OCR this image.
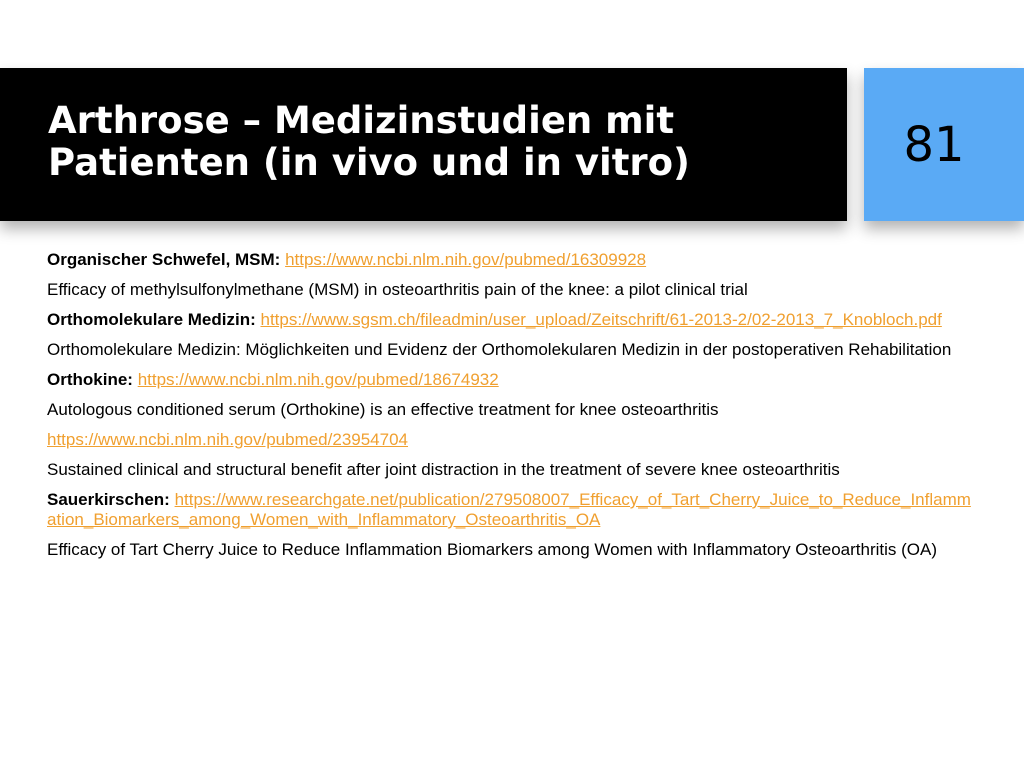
Arthrose – Medizinstudien mit
Patienten (in vivo und in vitro)	81

Organischer Schwefel, MSM: https://www.ncbi.nlm.nih.gov/pubmed/16309928

Efficacy of methylsulfonylmethane (MSM) in osteoarthritis pain of the knee: a pilot clinical trial

Orthomolekulare Medizin: https://www.sgsm.ch/fileadmin/user_upload/Zeitschrift/61-2013-2/02-2013_7_Knobloch.pdf

Orthomolekulare Medizin: Möglichkeiten und Evidenz der Orthomolekularen Medizin in der postoperativen Rehabilitation

Orthokine: https://www.ncbi.nlm.nih.gov/pubmed/18674932

Autologous conditioned serum (Orthokine) is an effective treatment for knee osteoarthritis

https://www.ncbi.nlm.nih.gov/pubmed/23954704

Sustained clinical and structural benefit after joint distraction in the treatment of severe knee osteoarthritis

Sauerkirschen: https://www.researchgate.net/publication/279508007_Efficacy_of_Tart_Cherry_Juice_to_Reduce_Inflammation_Biomarkers_among_Women_with_Inflammatory_Osteoarthritis_OA

Efficacy of Tart Cherry Juice to Reduce Inflammation Biomarkers among Women with Inflammatory Osteoarthritis (OA)
